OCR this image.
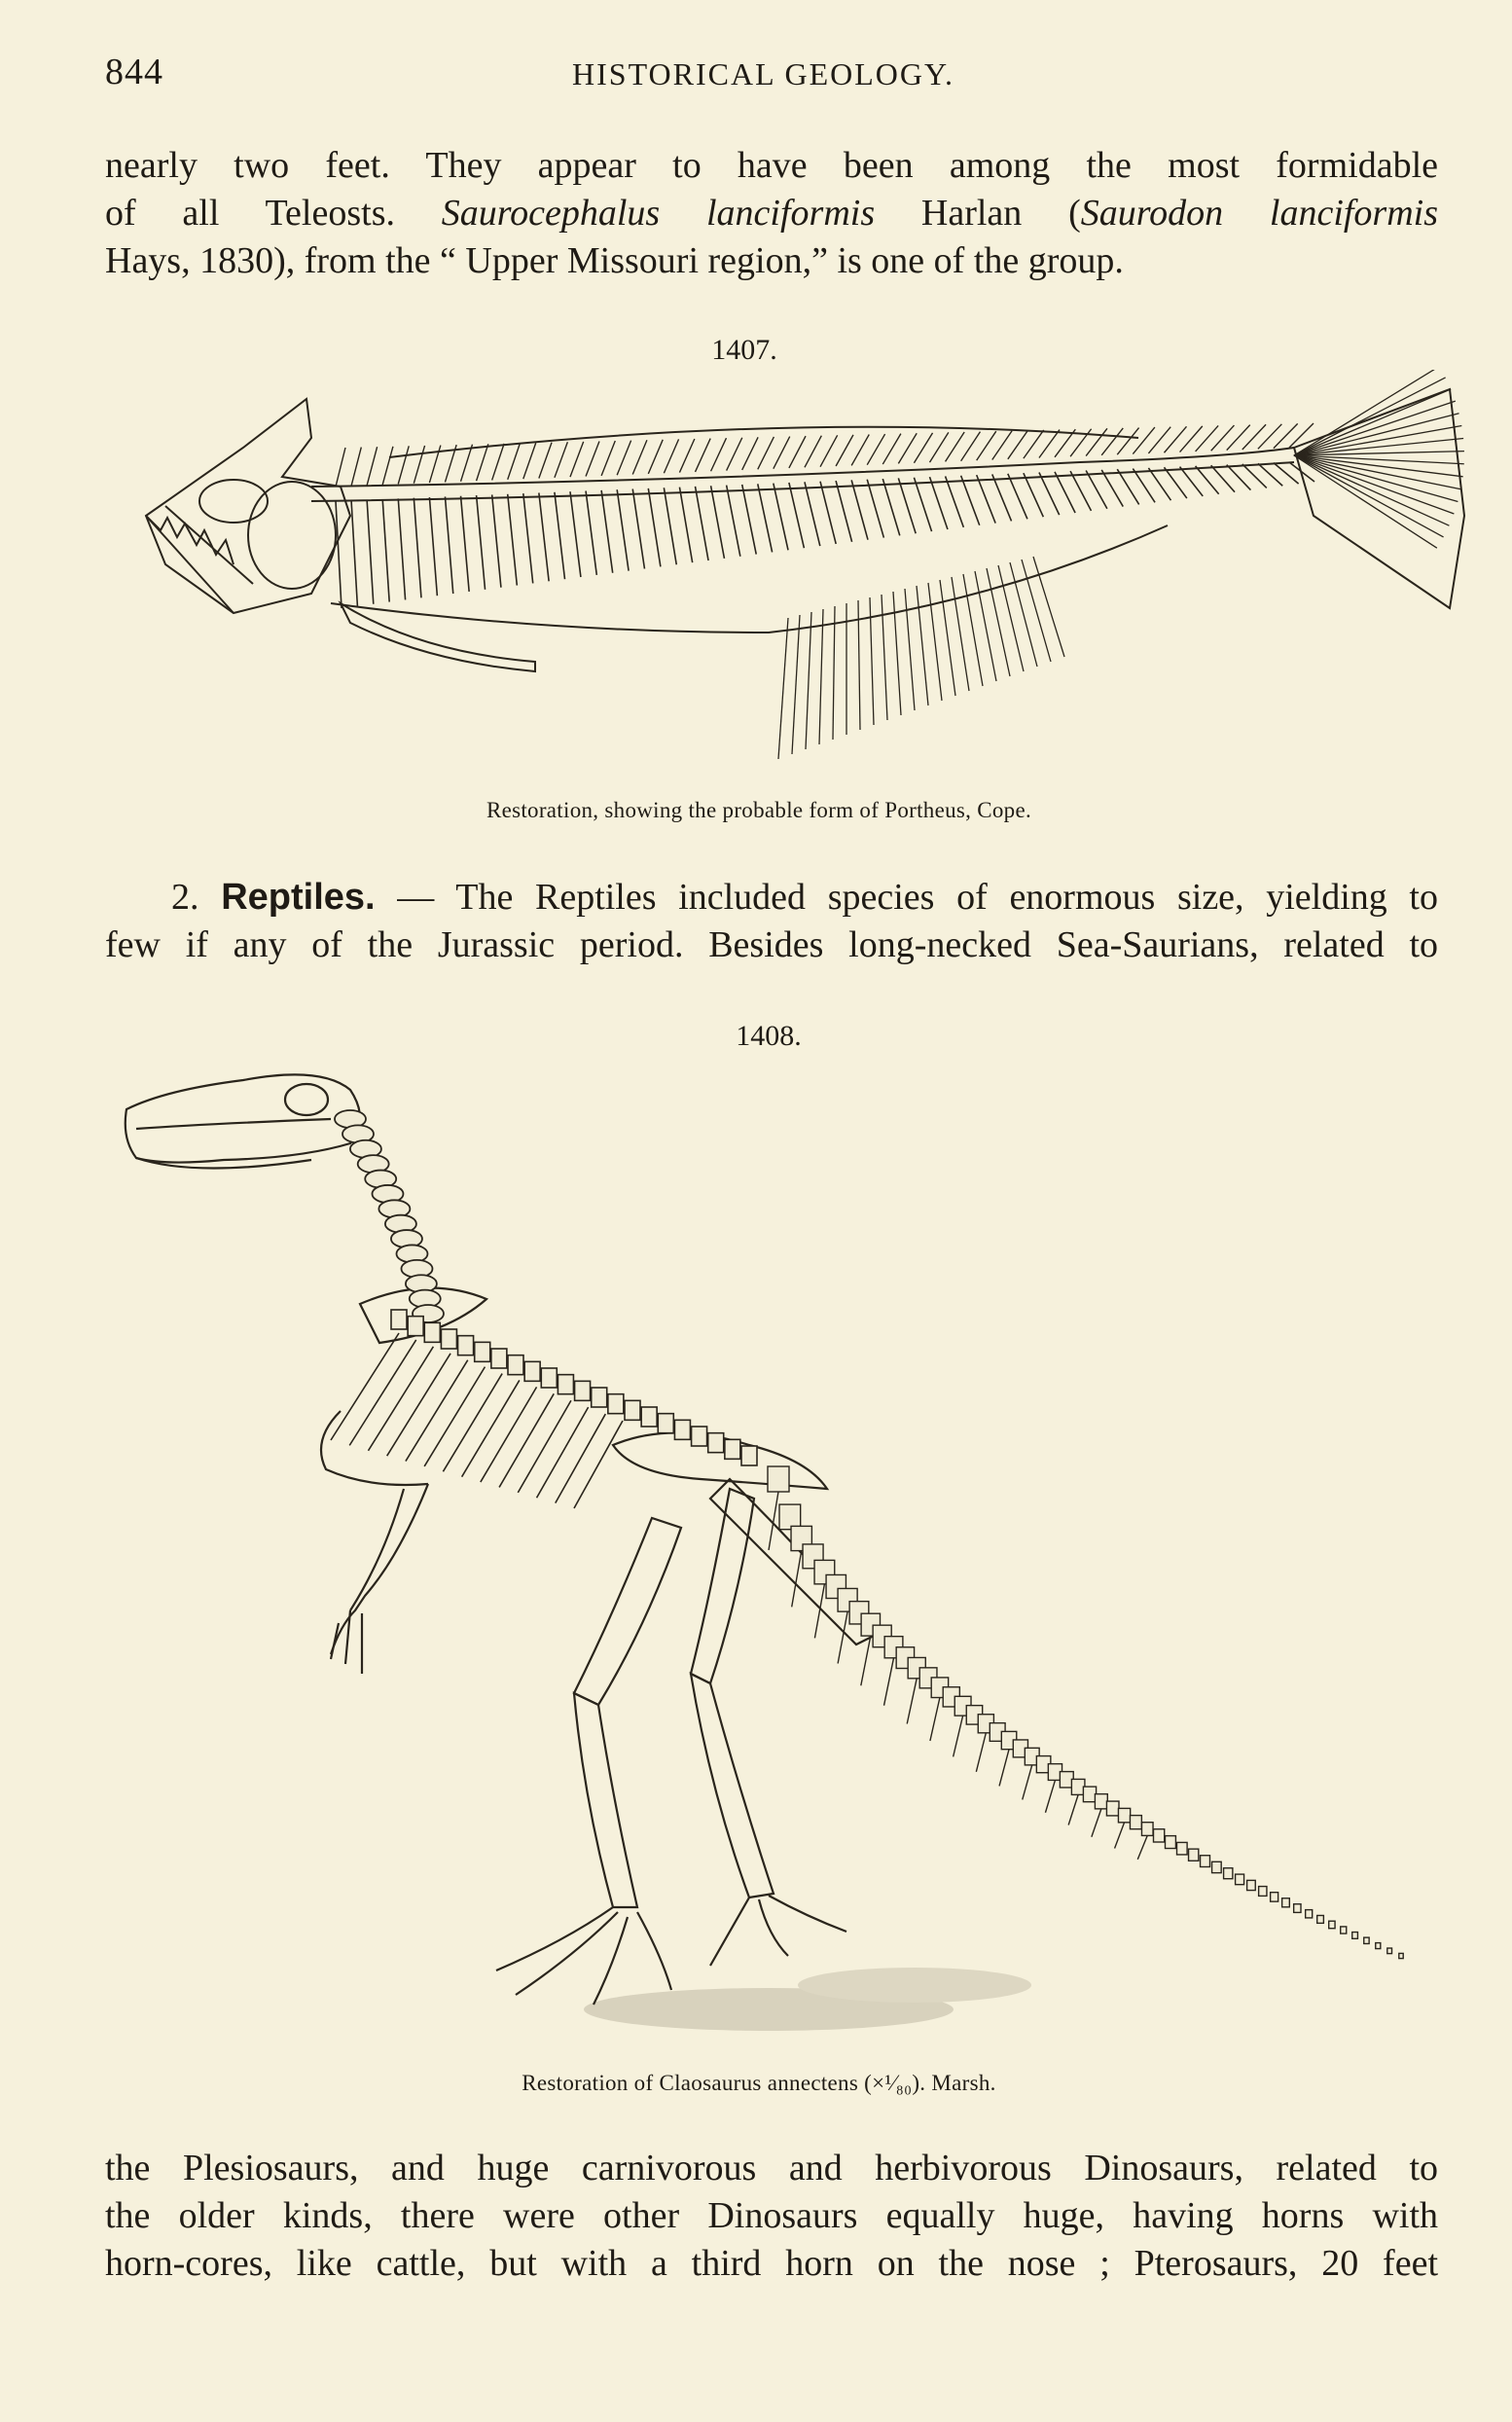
844	HISTORICAL GEOLOGY.
nearly two feet. They appear to have been among the most formidable
of all Teleosts. Saurocephalus lanciformis Harlan (Saurodon lanciformis
Hays, 1830), from the “ Upper Missouri region,” is one of the group.
1407.
Restoration, showing the probable form of Portheus, Cope.
2. Reptiles. — The Reptiles included species of enormous size, yielding to
few if any of the Jurassic period. Besides long-necked Sea-Saurians, related to
1408.
Restoration of Claosaurus annectens (×¹⁄₈₀). Marsh.
the Plesiosaurs, and huge carnivorous and herbivorous Dinosaurs, related to
the older kinds, there were other Dinosaurs equally huge, having horns with
horn-cores, like cattle, but with a third horn on the nose ; Pterosaurs, 20 feet
